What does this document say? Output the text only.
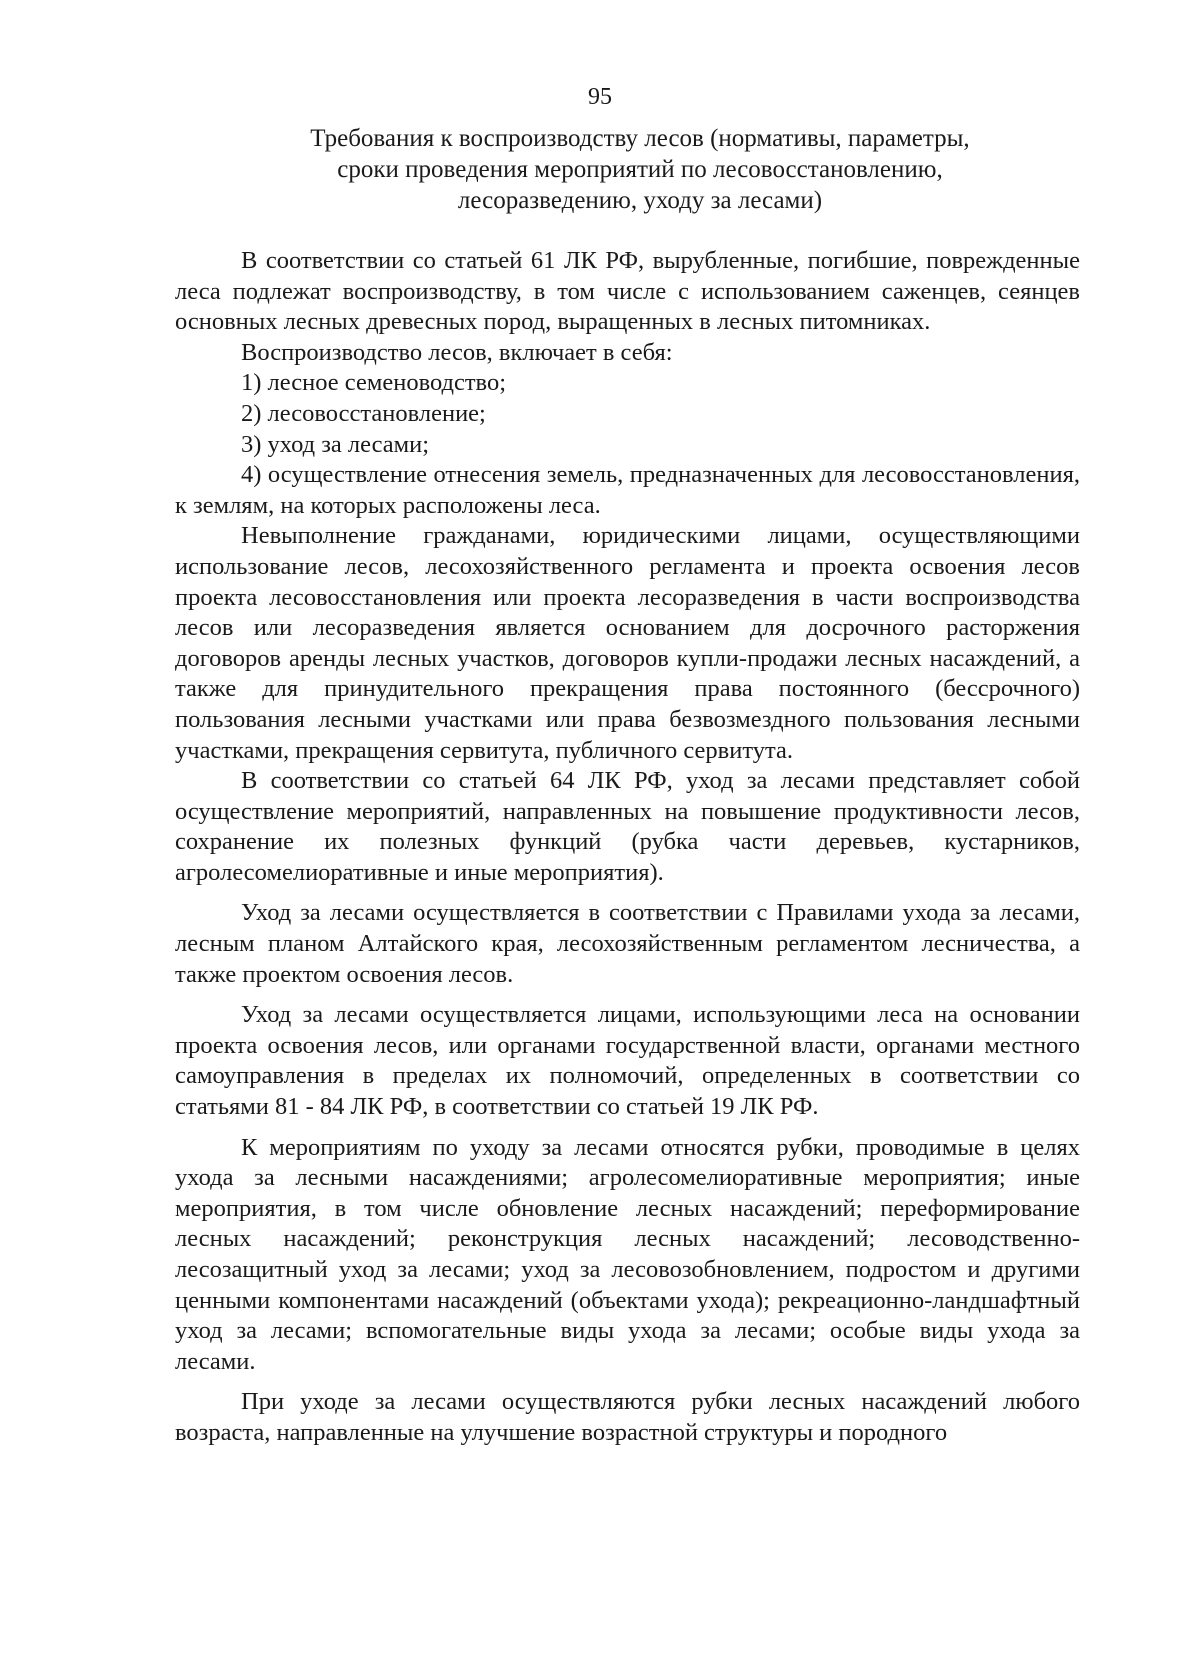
95
Требования к воспроизводству лесов (нормативы, параметры,
сроки проведения мероприятий по лесовосстановлению,
лесоразведению, уходу за лесами)

В соответствии со статьей 61 ЛК РФ, вырубленные, погибшие, поврежденные леса подлежат воспроизводству, в том числе с использованием саженцев, сеянцев основных лесных древесных пород, выращенных в лесных питомниках.

Воспроизводство лесов, включает в себя:

1) лесное семеноводство;

2) лесовосстановление;

3) уход за лесами;

4) осуществление отнесения земель, предназначенных для лесовосстановления, к землям, на которых расположены леса.

Невыполнение гражданами, юридическими лицами, осуществляющими использование лесов, лесохозяйственного регламента и проекта освоения лесов проекта лесовосстановления или проекта лесоразведения в части воспроизводства лесов или лесоразведения является основанием для досрочного расторжения договоров аренды лесных участков, договоров купли-продажи лесных насаждений, а также для принудительного прекращения права постоянного (бессрочного) пользования лесными участками или права безвозмездного пользования лесными участками, прекращения сервитута, публичного сервитута.

В соответствии со статьей 64 ЛК РФ, уход за лесами представляет собой осуществление мероприятий, направленных на повышение продуктивности лесов, сохранение их полезных функций (рубка части деревьев, кустарников, агролесомелиоративные и иные мероприятия).

Уход за лесами осуществляется в соответствии с Правилами ухода за лесами, лесным планом Алтайского края, лесохозяйственным регламентом лесничества, а также проектом освоения лесов.

Уход за лесами осуществляется лицами, использующими леса на основании проекта освоения лесов, или органами государственной власти, органами местного самоуправления в пределах их полномочий, определенных в соответствии со статьями 81 - 84 ЛК РФ, в соответствии со статьей 19 ЛК РФ.

К мероприятиям по уходу за лесами относятся рубки, проводимые в целях ухода за лесными насаждениями; агролесомелиоративные мероприятия; иные мероприятия, в том числе обновление лесных насаждений; переформирование лесных насаждений; реконструкция лесных насаждений; лесоводственно-лесозащитный уход за лесами; уход за лесовозобновлением, подростом и другими ценными компонентами насаждений (объектами ухода); рекреационно-ландшафтный уход за лесами; вспомогательные виды ухода за лесами; особые виды ухода за лесами.

При уходе за лесами осуществляются рубки лесных насаждений любого возраста, направленные на улучшение возрастной структуры и породного
